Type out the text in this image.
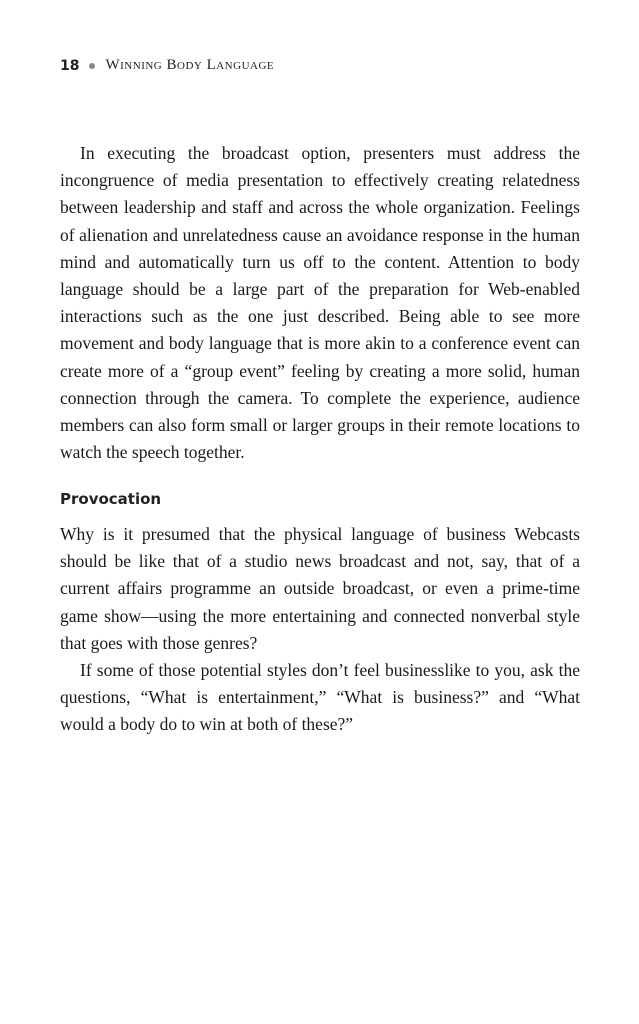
18 Winning Body Language

In executing the broadcast option, presenters must address the incongruence of media presentation to effectively creating relatedness between leadership and staff and across the whole organization. Feelings of alienation and unrelatedness cause an avoidance response in the human mind and automatically turn us off to the content. Attention to body language should be a large part of the preparation for Web-enabled interactions such as the one just described. Being able to see more movement and body language that is more akin to a conference event can create more of a “group event” feeling by creating a more solid, human connection through the camera. To complete the experience, audience members can also form small or larger groups in their remote locations to watch the speech together.

Provocation

Why is it presumed that the physical language of business Webcasts should be like that of a studio news broadcast and not, say, that of a current affairs programme an outside broadcast, or even a prime-time game show—using the more entertaining and connected nonverbal style that goes with those genres?

If some of those potential styles don’t feel businesslike to you, ask the questions, “What is entertainment,” “What is business?” and “What would a body do to win at both of these?”
